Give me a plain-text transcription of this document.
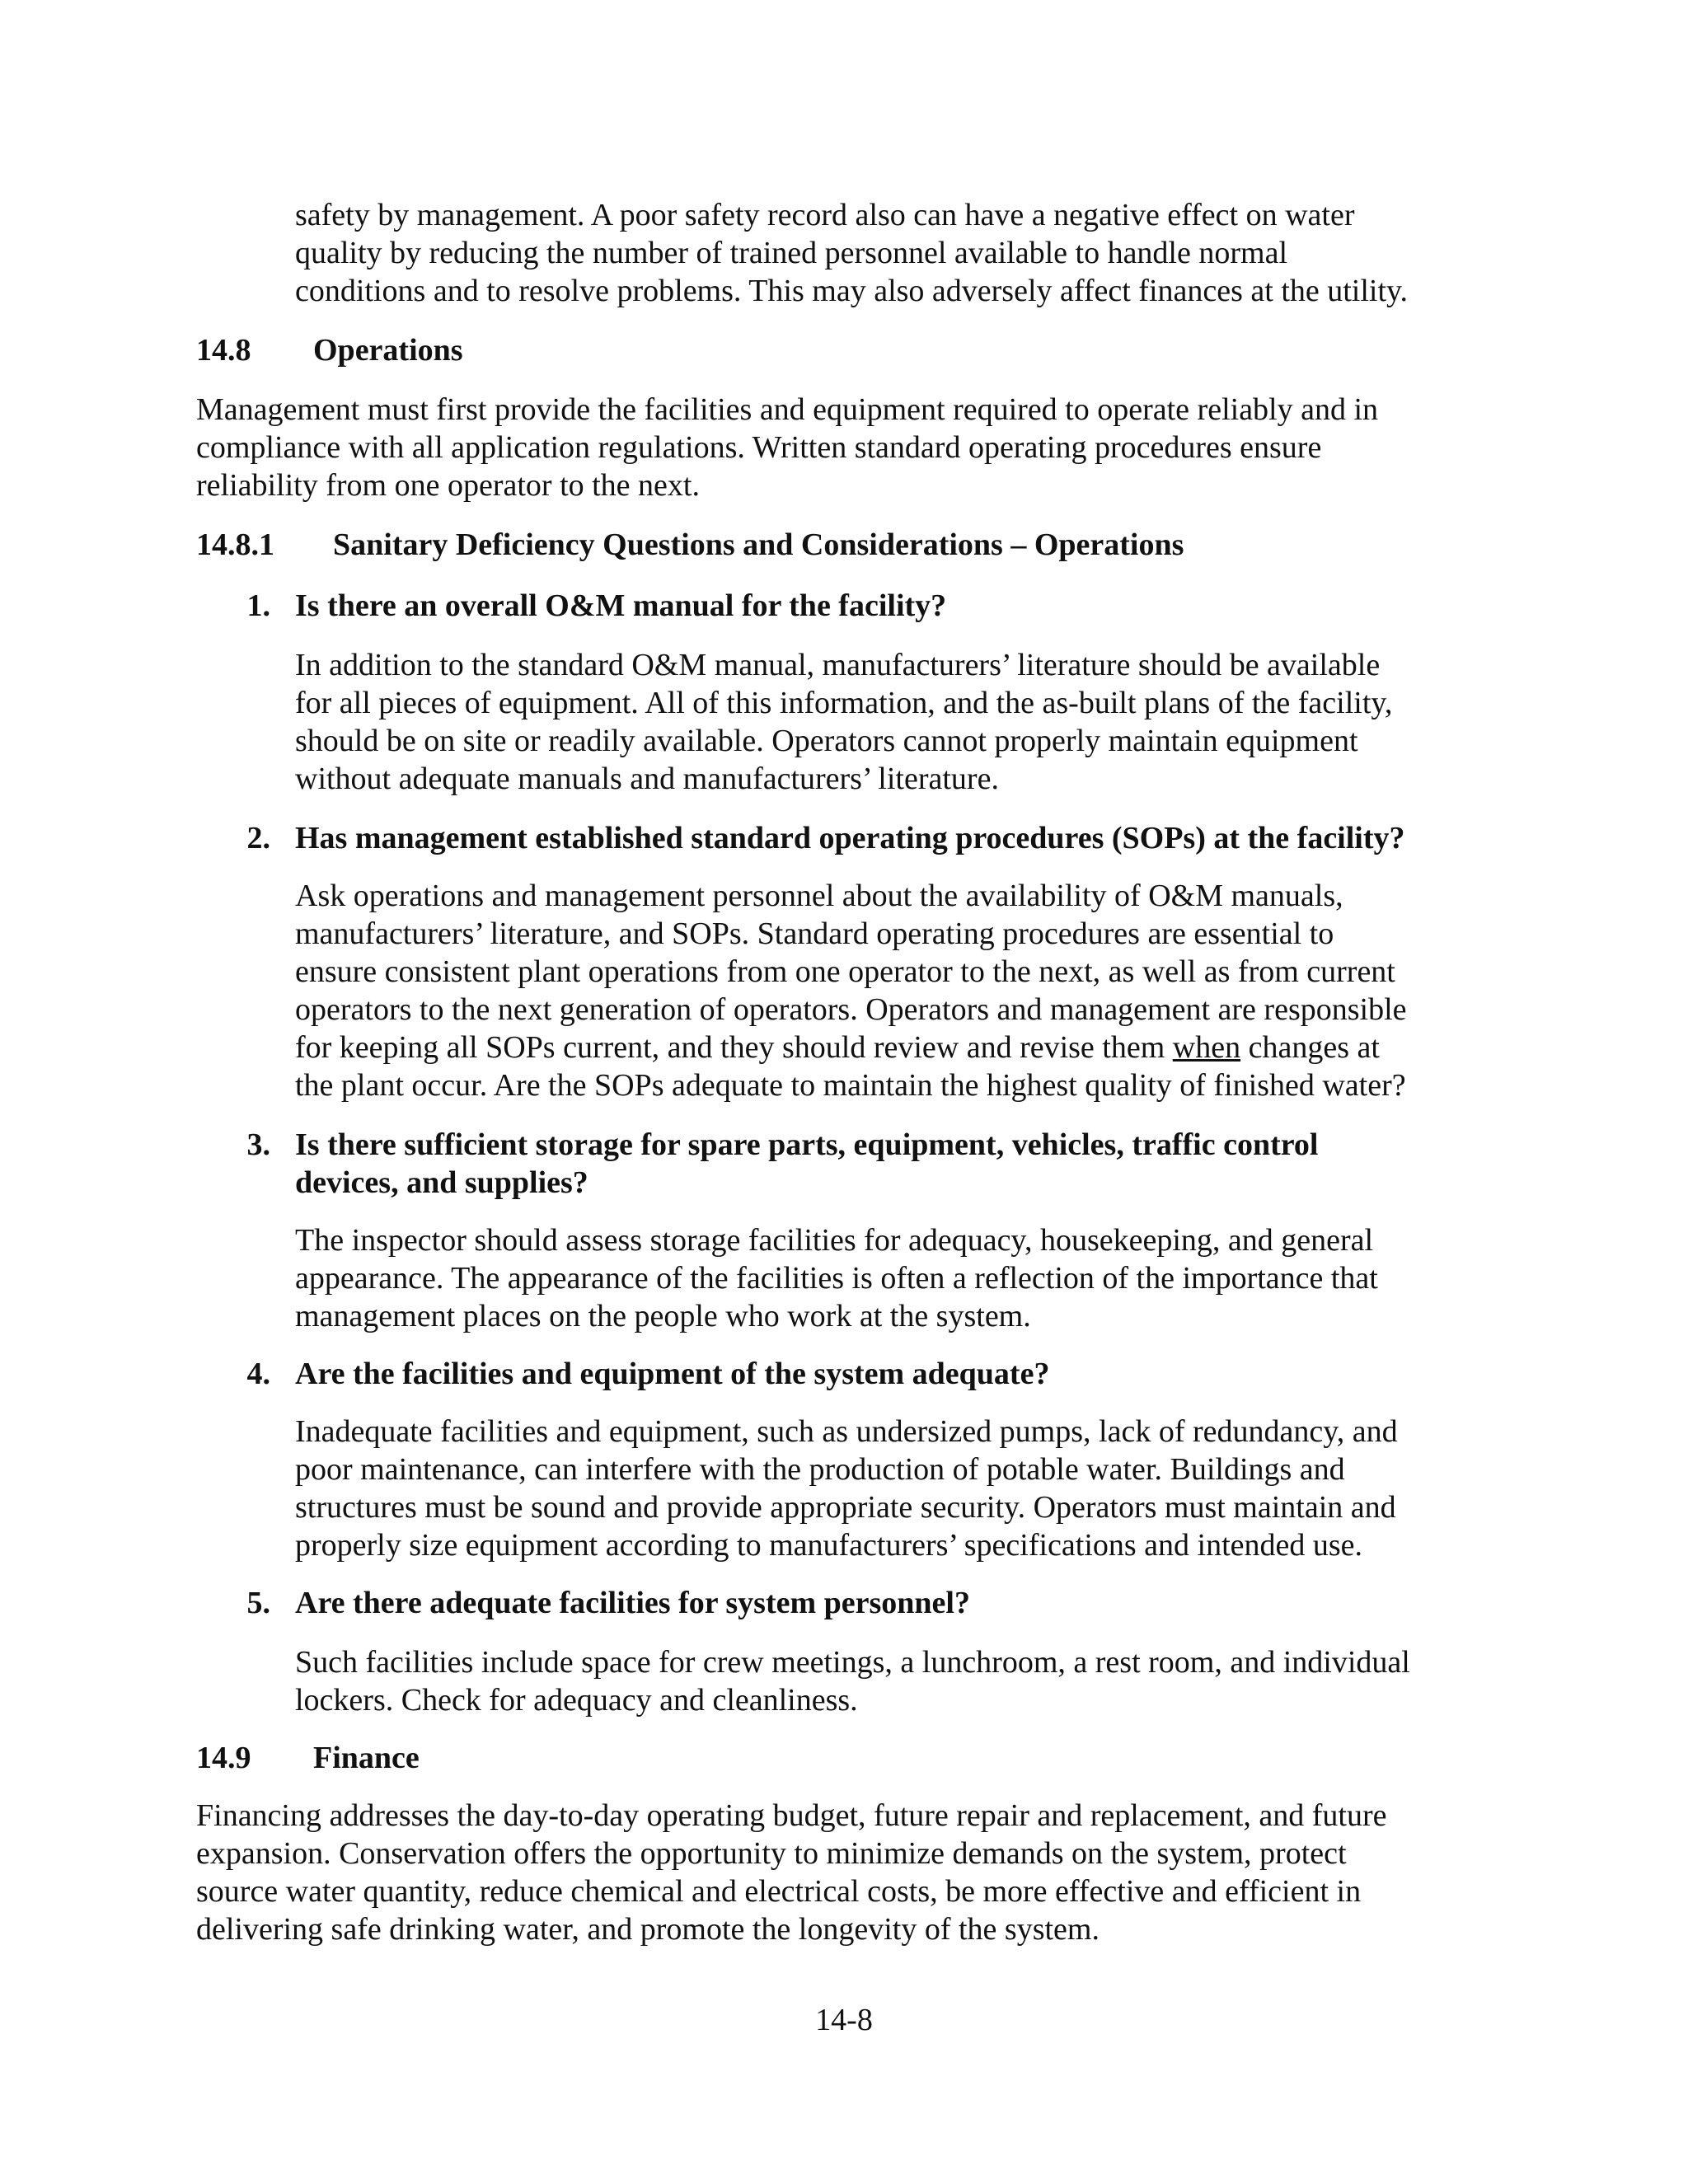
safety by management. A poor safety record also can have a negative effect on water
quality by reducing the number of trained personnel available to handle normal
conditions and to resolve problems. This may also adversely affect finances at the utility.

14.8 Operations

Management must first provide the facilities and equipment required to operate reliably and in
compliance with all application regulations. Written standard operating procedures ensure
reliability from one operator to the next.

14.8.1 Sanitary Deficiency Questions and Considerations – Operations
1. Is there an overall O&M manual for the facility?

In addition to the standard O&M manual, manufacturers’ literature should be available
for all pieces of equipment. All of this information, and the as-built plans of the facility,
should be on site or readily available. Operators cannot properly maintain equipment
without adequate manuals and manufacturers’ literature.

2. Has management established standard operating procedures (SOPs) at the facility?

Ask operations and management personnel about the availability of O&M manuals,
manufacturers’ literature, and SOPs. Standard operating procedures are essential to
ensure consistent plant operations from one operator to the next, as well as from current
operators to the next generation of operators. Operators and management are responsible
for keeping all SOPs current, and they should review and revise them when changes at
the plant occur. Are the SOPs adequate to maintain the highest quality of finished water?

3. Is there sufficient storage for spare parts, equipment, vehicles, traffic control
devices, and supplies?

The inspector should assess storage facilities for adequacy, housekeeping, and general
appearance. The appearance of the facilities is often a reflection of the importance that
management places on the people who work at the system.

4. Are the facilities and equipment of the system adequate?

Inadequate facilities and equipment, such as undersized pumps, lack of redundancy, and
poor maintenance, can interfere with the production of potable water. Buildings and
structures must be sound and provide appropriate security. Operators must maintain and
properly size equipment according to manufacturers’ specifications and intended use.

5. Are there adequate facilities for system personnel?

Such facilities include space for crew meetings, a lunchroom, a rest room, and individual
lockers. Check for adequacy and cleanliness.

14.9 Finance

Financing addresses the day-to-day operating budget, future repair and replacement, and future
expansion. Conservation offers the opportunity to minimize demands on the system, protect
source water quantity, reduce chemical and electrical costs, be more effective and efficient in
delivering safe drinking water, and promote the longevity of the system.

14-8
